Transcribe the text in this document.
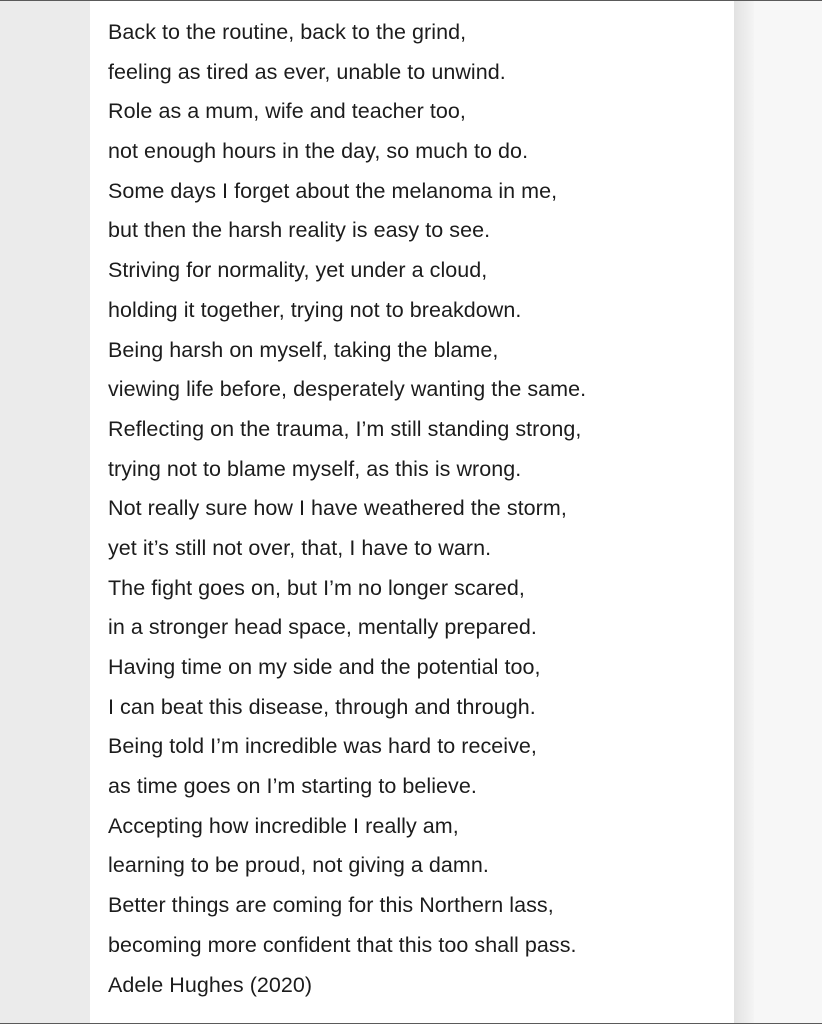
Back to the routine, back to the grind,
feeling as tired as ever, unable to unwind.
Role as a mum, wife and teacher too,
not enough hours in the day, so much to do.
Some days I forget about the melanoma in me,
but then the harsh reality is easy to see.
Striving for normality, yet under a cloud,
holding it together, trying not to breakdown.
Being harsh on myself, taking the blame,
viewing life before, desperately wanting the same.
Reflecting on the trauma, I’m still standing strong,
trying not to blame myself, as this is wrong.
Not really sure how I have weathered the storm,
yet it’s still not over, that, I have to warn.
The fight goes on, but I’m no longer scared,
in a stronger head space, mentally prepared.
Having time on my side and the potential too,
I can beat this disease, through and through.
Being told I’m incredible was hard to receive,
as time goes on I’m starting to believe.
Accepting how incredible I really am,
learning to be proud, not giving a damn.
Better things are coming for this Northern lass,
becoming more confident that this too shall pass.
Adele Hughes (2020)
